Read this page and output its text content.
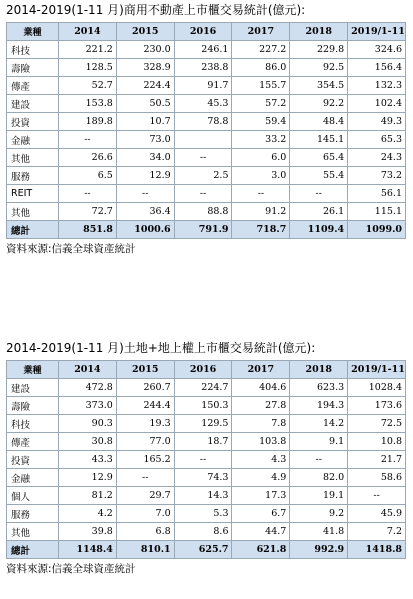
2014-2019(1-11 月)商用不動產上市櫃交易統計(億元):
業種	2014	2015	2016	2017	2018	2019/1-11
科技	221.2	230.0	246.1	227.2	229.8	324.6
壽險	128.5	328.9	238.8	86.0	92.5	156.4
傳產	52.7	224.4	91.7	155.7	354.5	132.3
建設	153.8	50.5	45.3	57.2	92.2	102.4
投資	189.8	10.7	78.8	59.4	48.4	49.3
金融	--	73.0		33.2	145.1	65.3
其他	26.6	34.0	--	6.0	65.4	24.3
服務	6.5	12.9	2.5	3.0	55.4	73.2
REIT	--	--	--	--	--	56.1
其他	72.7	36.4	88.8	91.2	26.1	115.1
總計	851.8	1000.6	791.9	718.7	1109.4	1099.0
資料來源:信義全球資產統計
2014-2019(1-11 月)土地+地上權上市櫃交易統計(億元):
業種	2014	2015	2016	2017	2018	2019/1-11
建設	472.8	260.7	224.7	404.6	623.3	1028.4
壽險	373.0	244.4	150.3	27.8	194.3	173.6
科技	90.3	19.3	129.5	7.8	14.2	72.5
傳產	30.8	77.0	18.7	103.8	9.1	10.8
投資	43.3	165.2	--	4.3	--	21.7
金融	12.9	--	74.3	4.9	82.0	58.6
個人	81.2	29.7	14.3	17.3	19.1	--
服務	4.2	7.0	5.3	6.7	9.2	45.9
其他	39.8	6.8	8.6	44.7	41.8	7.2
總計	1148.4	810.1	625.7	621.8	992.9	1418.8
資料來源:信義全球資產統計
